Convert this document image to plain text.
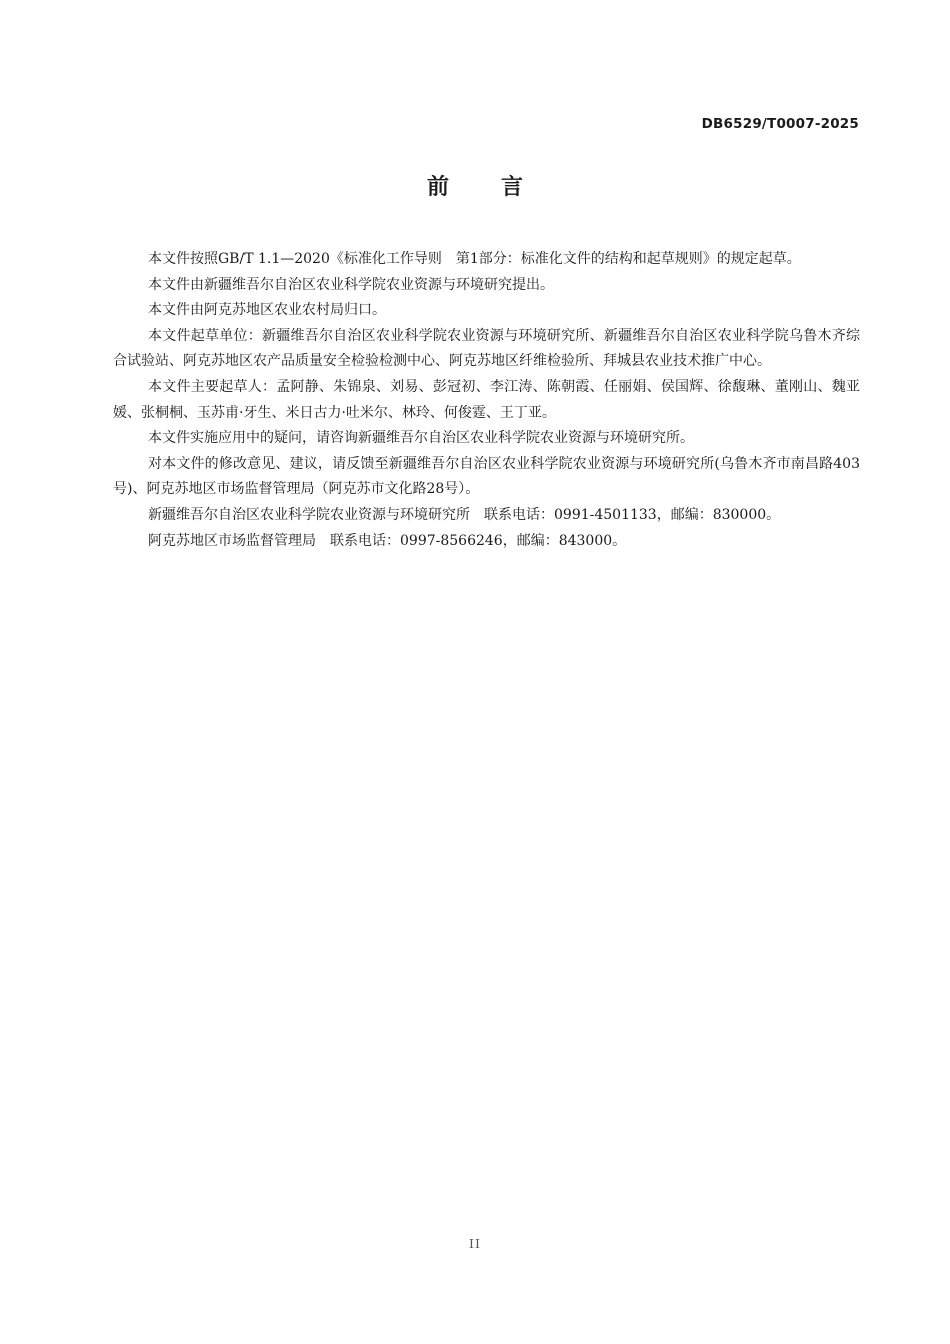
DB6529/T0007-2025
前言

本文件按照GB/T 1.1—2020《标准化工作导则　第1部分：标准化文件的结构和起草规则》的规定起草。

本文件由新疆维吾尔自治区农业科学院农业资源与环境研究提出。

本文件由阿克苏地区农业农村局归口。

本文件起草单位：新疆维吾尔自治区农业科学院农业资源与环境研究所、新疆维吾尔自治区农业科学院乌鲁木齐综合试验站、阿克苏地区农产品质量安全检验检测中心、阿克苏地区纤维检验所、拜城县农业技术推广中心。

本文件主要起草人：孟阿静、朱锦泉、刘易、彭冠初、李江涛、陈朝霞、任丽娟、侯国辉、徐馥琳、董刚山、魏亚媛、张桐桐、玉苏甫·牙生、米日古力·吐米尔、林玲、何俊霆、王丁亚。

本文件实施应用中的疑问，请咨询新疆维吾尔自治区农业科学院农业资源与环境研究所。

对本文件的修改意见、建议，请反馈至新疆维吾尔自治区农业科学院农业资源与环境研究所(乌鲁木齐市南昌路403号)、阿克苏地区市场监督管理局（阿克苏市文化路28号）。

新疆维吾尔自治区农业科学院农业资源与环境研究所　联系电话：0991-4501133，邮编：830000。

阿克苏地区市场监督管理局　联系电话：0997-8566246，邮编：843000。

II
